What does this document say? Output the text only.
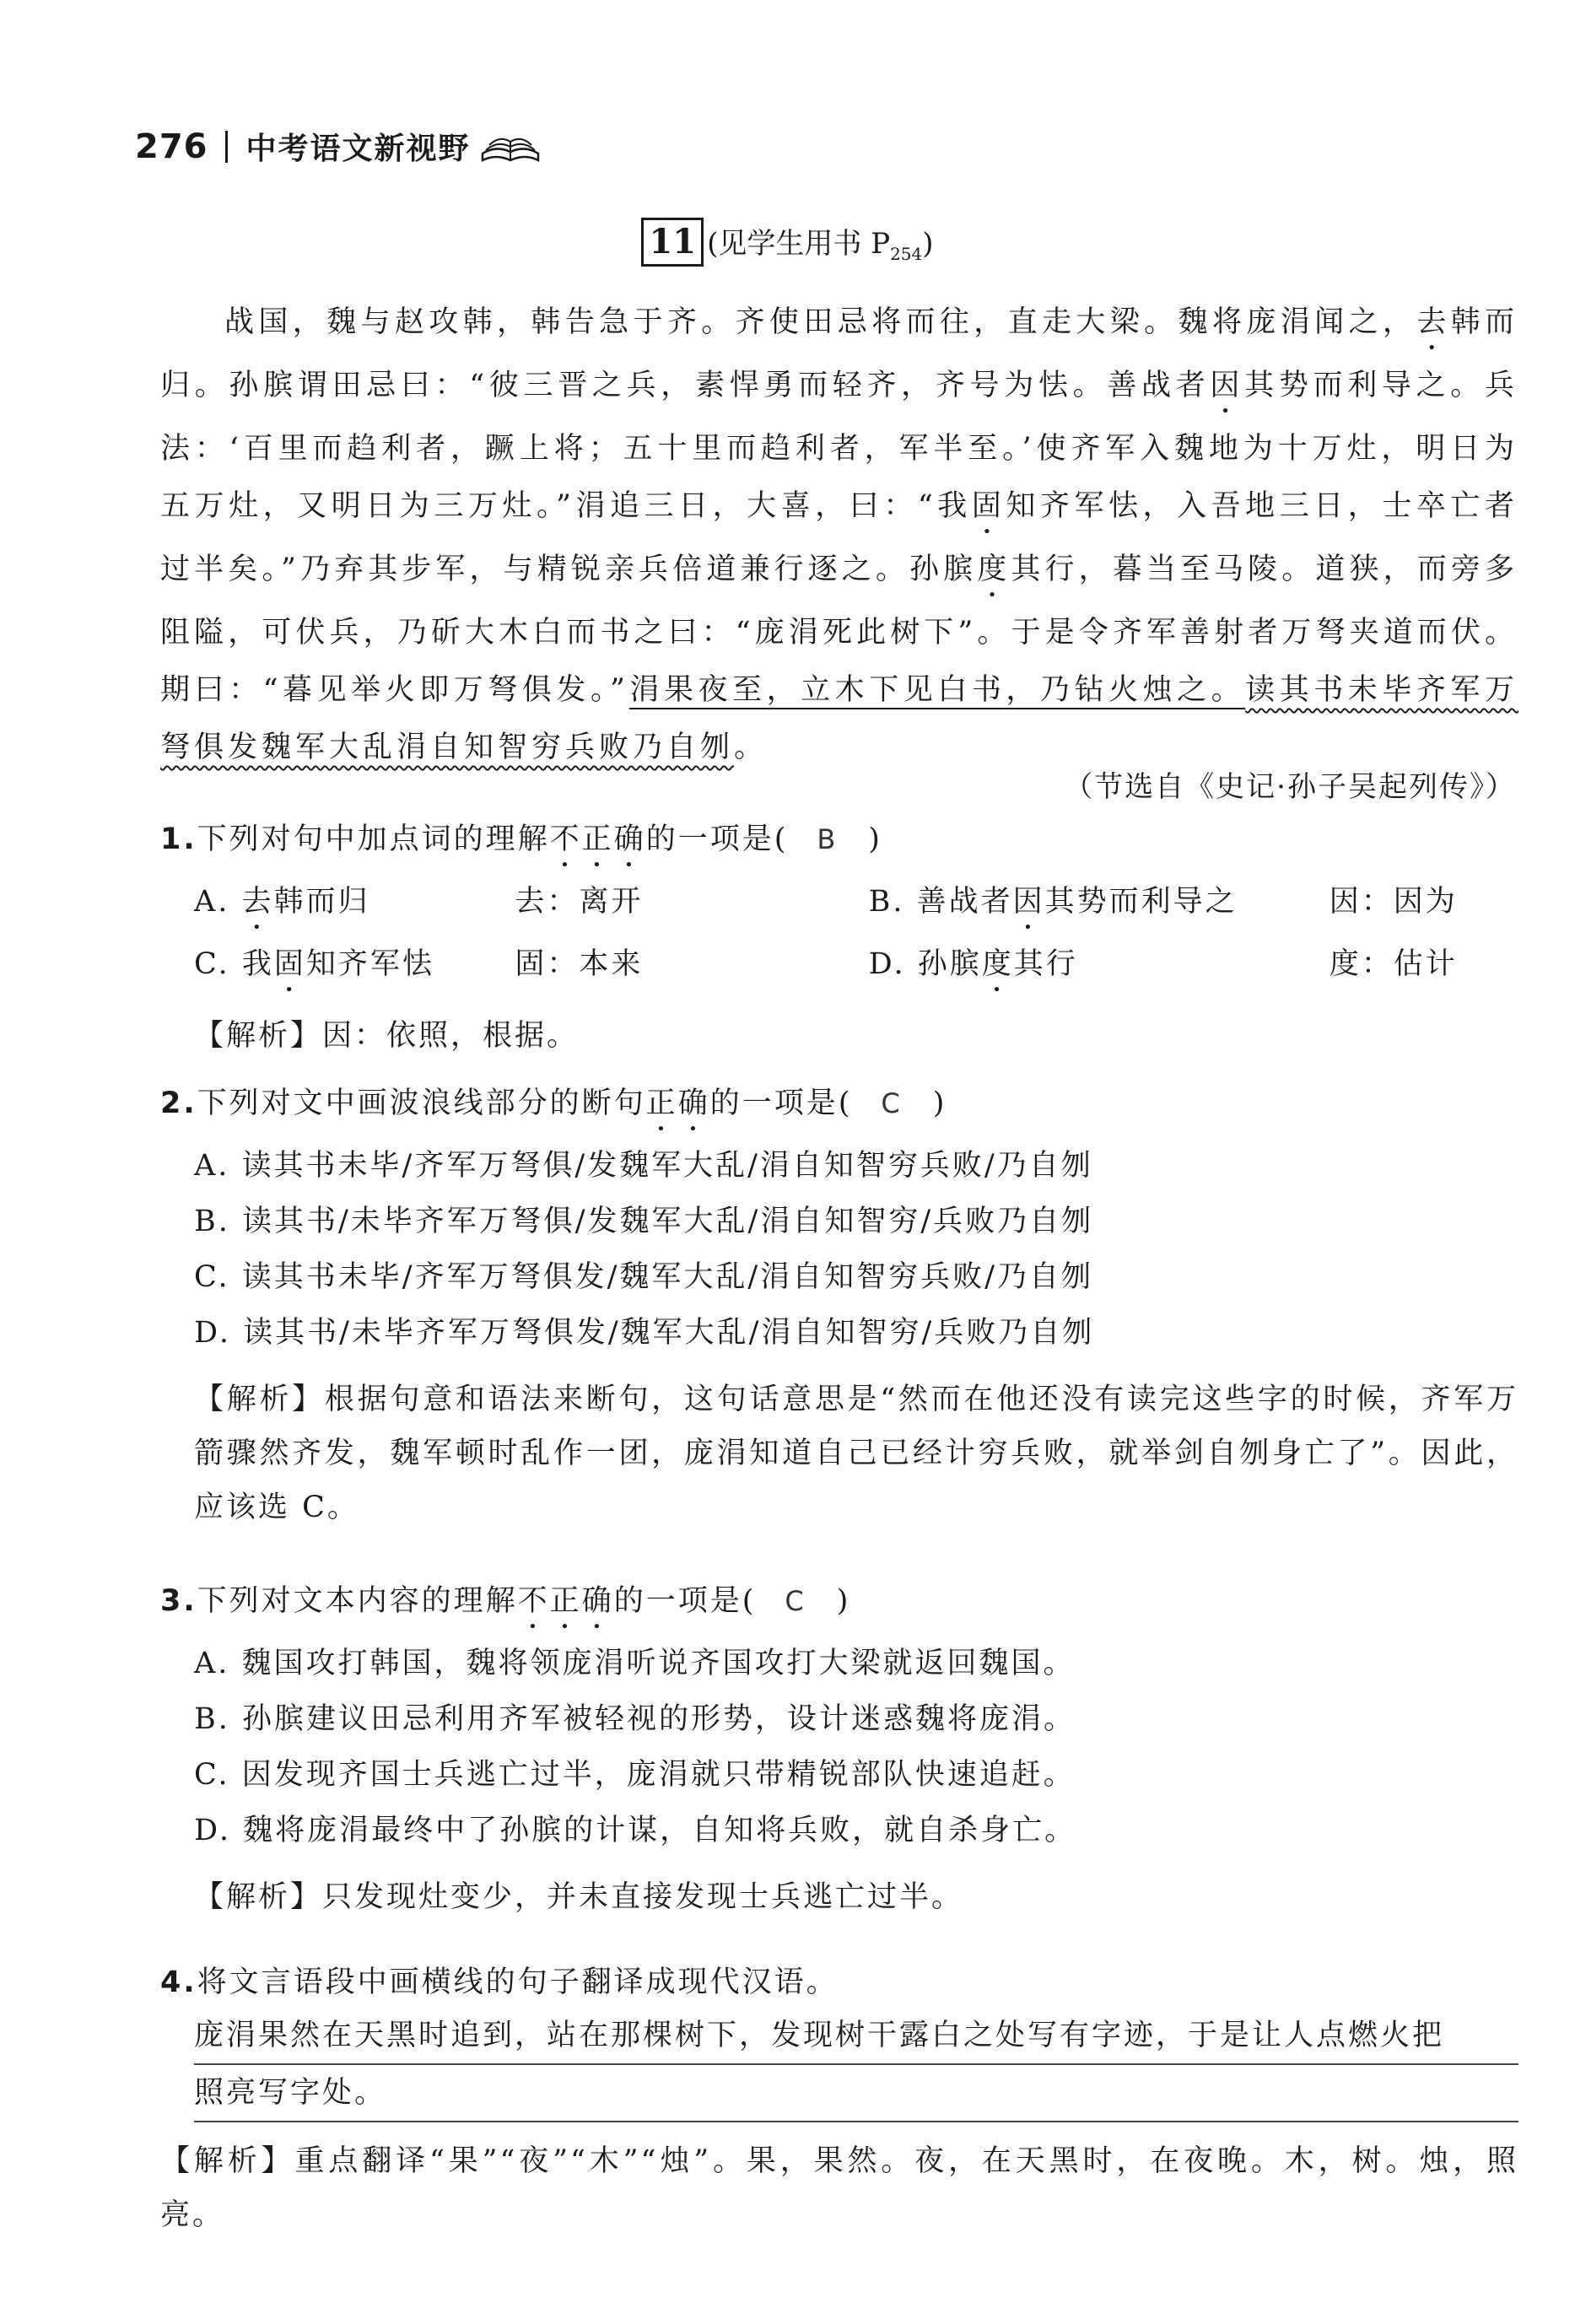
276 中考语文新视野
11 (见学生用书 $P_{254}$)

战国，魏与赵攻韩，韩告急于齐。齐使田忌将而往，直走大梁。魏将庞涓闻之，去韩而归。孙膑谓田忌曰：“彼三晋之兵，素悍勇而轻齐，齐号为怯。善战者因其势而利导之。兵法：‘百里而趋利者，蹶上将；五十里而趋利者，军半至。’使齐军入魏地为十万灶，明日为五万灶，又明日为三万灶。”涓追三日，大喜，曰：“我固知齐军怯，入吾地三日，士卒亡者过半矣。”乃弃其步军，与精锐亲兵倍道兼行逐之。孙膑度其行，暮当至马陵。道狭，而旁多阻隘，可伏兵，乃斫大木白而书之曰：“庞涓死此树下”。于是令齐军善射者万弩夹道而伏。期曰：“暮见举火即万弩俱发。”涓果夜至，立木下见白书，乃钻火烛之。读其书未毕齐军万弩俱发魏军大乱涓自知智穷兵败乃自刎。

（节选自《史记·孙子吴起列传》）
1.下列对句中加点词的理解不正确的一项是( B )
A. 去韩而归	去：离开	B. 善战者因其势而利导之	因：因为
C. 我固知齐军怯	固：本来	D. 孙膑度其行	度：估计
【解析】因：依照，根据。
2.下列对文中画波浪线部分的断句正确的一项是( C )
A. 读其书未毕/齐军万弩俱/发魏军大乱/涓自知智穷兵败/乃自刎
B. 读其书/未毕齐军万弩俱/发魏军大乱/涓自知智穷/兵败乃自刎
C. 读其书未毕/齐军万弩俱发/魏军大乱/涓自知智穷兵败/乃自刎
D. 读其书/未毕齐军万弩俱发/魏军大乱/涓自知智穷/兵败乃自刎
【解析】根据句意和语法来断句，这句话意思是“然而在他还没有读完这些字的时候，齐军万箭骤然齐发，魏军顿时乱作一团，庞涓知道自己已经计穷兵败，就举剑自刎身亡了”。因此，应该选 C。
3.下列对文本内容的理解不正确的一项是( C )
A. 魏国攻打韩国，魏将领庞涓听说齐国攻打大梁就返回魏国。
B. 孙膑建议田忌利用齐军被轻视的形势，设计迷惑魏将庞涓。
C. 因发现齐国士兵逃亡过半，庞涓就只带精锐部队快速追赶。
D. 魏将庞涓最终中了孙膑的计谋，自知将兵败，就自杀身亡。
【解析】只发现灶变少，并未直接发现士兵逃亡过半。
4.将文言语段中画横线的句子翻译成现代汉语。
庞涓果然在天黑时追到，站在那棵树下，发现树干露白之处写有字迹，于是让人点燃火把
照亮写字处。
【解析】重点翻译“果”“夜”“木”“烛”。果，果然。夜，在天黑时，在夜晚。木，树。烛，照亮。
